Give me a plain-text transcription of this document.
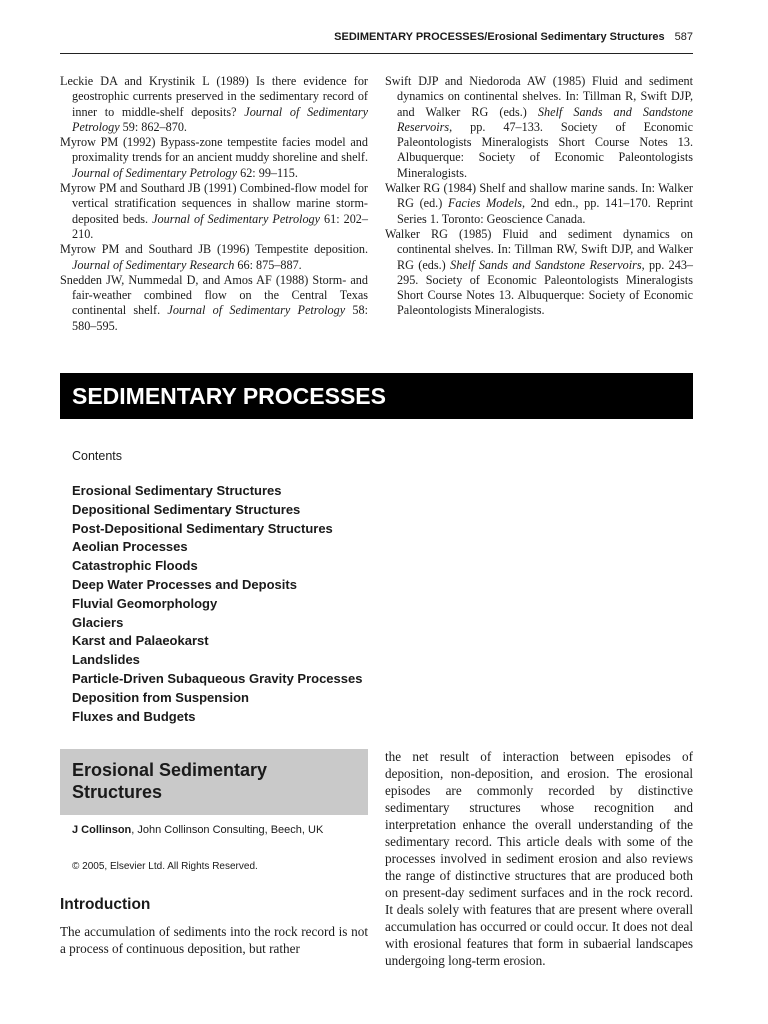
SEDIMENTARY PROCESSES/Erosional Sedimentary Structures 587

Leckie DA and Krystinik L (1989) Is there evidence for geostrophic currents preserved in the sedimentary record of inner to middle-shelf deposits? Journal of Sedimentary Petrology 59: 862–870.

Myrow PM (1992) Bypass-zone tempestite facies model and proximality trends for an ancient muddy shoreline and shelf. Journal of Sedimentary Petrology 62: 99–115.

Myrow PM and Southard JB (1991) Combined-flow model for vertical stratification sequences in shallow marine storm-deposited beds. Journal of Sedimentary Petrology 61: 202–210.

Myrow PM and Southard JB (1996) Tempestite deposition. Journal of Sedimentary Research 66: 875–887.

Snedden JW, Nummedal D, and Amos AF (1988) Storm- and fair-weather combined flow on the Central Texas continental shelf. Journal of Sedimentary Petrology 58: 580–595.

Swift DJP and Niedoroda AW (1985) Fluid and sediment dynamics on continental shelves. In: Tillman R, Swift DJP, and Walker RG (eds.) Shelf Sands and Sandstone Reservoirs, pp. 47–133. Society of Economic Paleontologists Mineralogists Short Course Notes 13. Albuquerque: Society of Economic Paleontologists Mineralogists.

Walker RG (1984) Shelf and shallow marine sands. In: Walker RG (ed.) Facies Models, 2nd edn., pp. 141–170. Reprint Series 1. Toronto: Geoscience Canada.

Walker RG (1985) Fluid and sediment dynamics on continental shelves. In: Tillman RW, Swift DJP, and Walker RG (eds.) Shelf Sands and Sandstone Reservoirs, pp. 243–295. Society of Economic Paleontologists Mineralogists Short Course Notes 13. Albuquerque: Society of Economic Paleontologists Mineralogists.

SEDIMENTARY PROCESSES
Contents
Erosional Sedimentary Structures
Depositional Sedimentary Structures
Post-Depositional Sedimentary Structures
Aeolian Processes
Catastrophic Floods
Deep Water Processes and Deposits
Fluvial Geomorphology
Glaciers
Karst and Palaeokarst
Landslides
Particle-Driven Subaqueous Gravity Processes
Deposition from Suspension
Fluxes and Budgets
Erosional Sedimentary
Structures
J Collinson, John Collinson Consulting, Beech, UK
© 2005, Elsevier Ltd. All Rights Reserved.
Introduction

The accumulation of sediments into the rock record is not a process of continuous deposition, but rather

the net result of interaction between episodes of deposition, non-deposition, and erosion. The erosional episodes are commonly recorded by distinctive sedimentary structures whose recognition and interpretation enhance the overall understanding of the sedimentary record. This article deals with some of the processes involved in sediment erosion and also reviews the range of distinctive structures that are produced both on present-day sediment surfaces and in the rock record. It deals solely with features that are present where overall accumulation has occurred or could occur. It does not deal with erosional features that form in subaerial landscapes undergoing long-term erosion.
